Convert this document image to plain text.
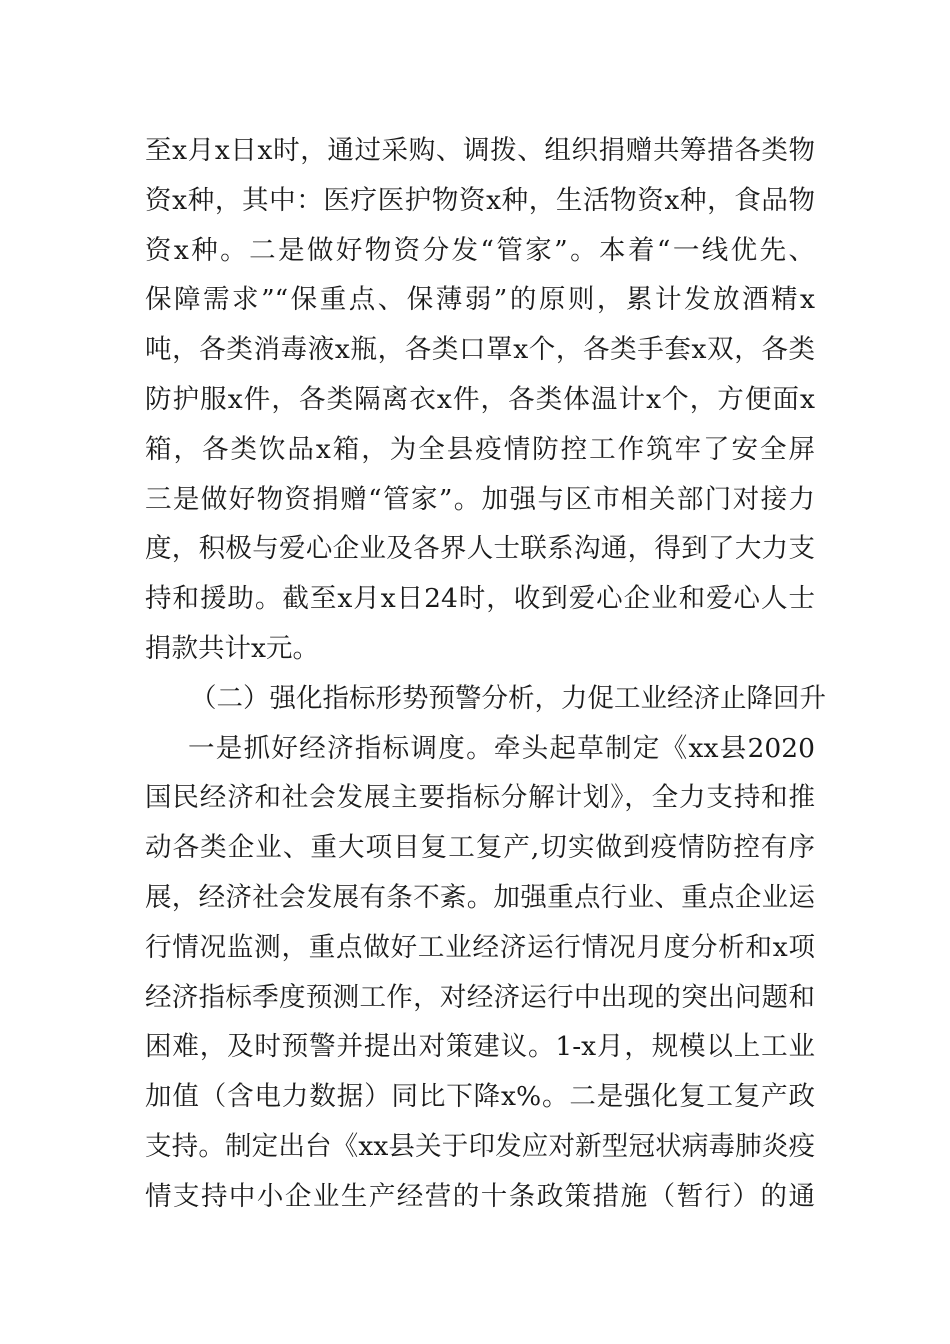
至x月x日x时，通过采购、调拨、组织捐赠共筹措各类物
资x种，其中：医疗医护物资x种，生活物资x种，食品物
资x种。二是做好物资分发“管家”。本着“一线优先、
保障需求”“保重点、保薄弱”的原则，累计发放酒精x
吨，各类消毒液x瓶，各类口罩x个，各类手套x双，各类
防护服x件，各类隔离衣x件，各类体温计x个，方便面x
箱，各类饮品x箱，为全县疫情防控工作筑牢了安全屏
三是做好物资捐赠“管家”。加强与区市相关部门对接力
度，积极与爱心企业及各界人士联系沟通，得到了大力支
持和援助。截至x月x日24时，收到爱心企业和爱心人士
捐款共计x元。
（二）强化指标形势预警分析，力促工业经济止降回升
一是抓好经济指标调度。牵头起草制定《xx县2020
国民经济和社会发展主要指标分解计划》，全力支持和推
动各类企业、重大项目复工复产,切实做到疫情防控有序
展，经济社会发展有条不紊。加强重点行业、重点企业运
行情况监测，重点做好工业经济运行情况月度分析和x项
经济指标季度预测工作，对经济运行中出现的突出问题和
困难，及时预警并提出对策建议。1-x月，规模以上工业
加值（含电力数据）同比下降x%。二是强化复工复产政
支持。制定出台《xx县关于印发应对新型冠状病毒肺炎疫
情支持中小企业生产经营的十条政策措施（暂行）的通
